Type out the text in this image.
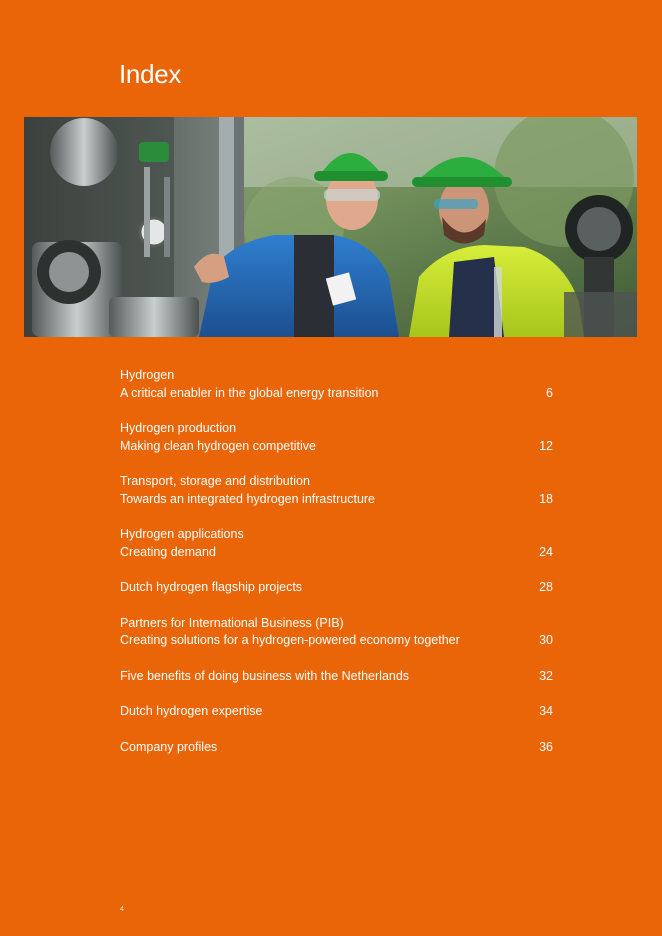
Index
Hydrogen
A critical enabler in the global energy transition	6
Hydrogen production
Making clean hydrogen competitive	12
Transport, storage and distribution
Towards an integrated hydrogen infrastructure	18
Hydrogen applications
Creating demand	24
Dutch hydrogen flagship projects	28
Partners for International Business (PIB)
Creating solutions for a hydrogen-powered economy together	30
Five benefits of doing business with the Netherlands	32
Dutch hydrogen expertise	34
Company profiles	36
4
